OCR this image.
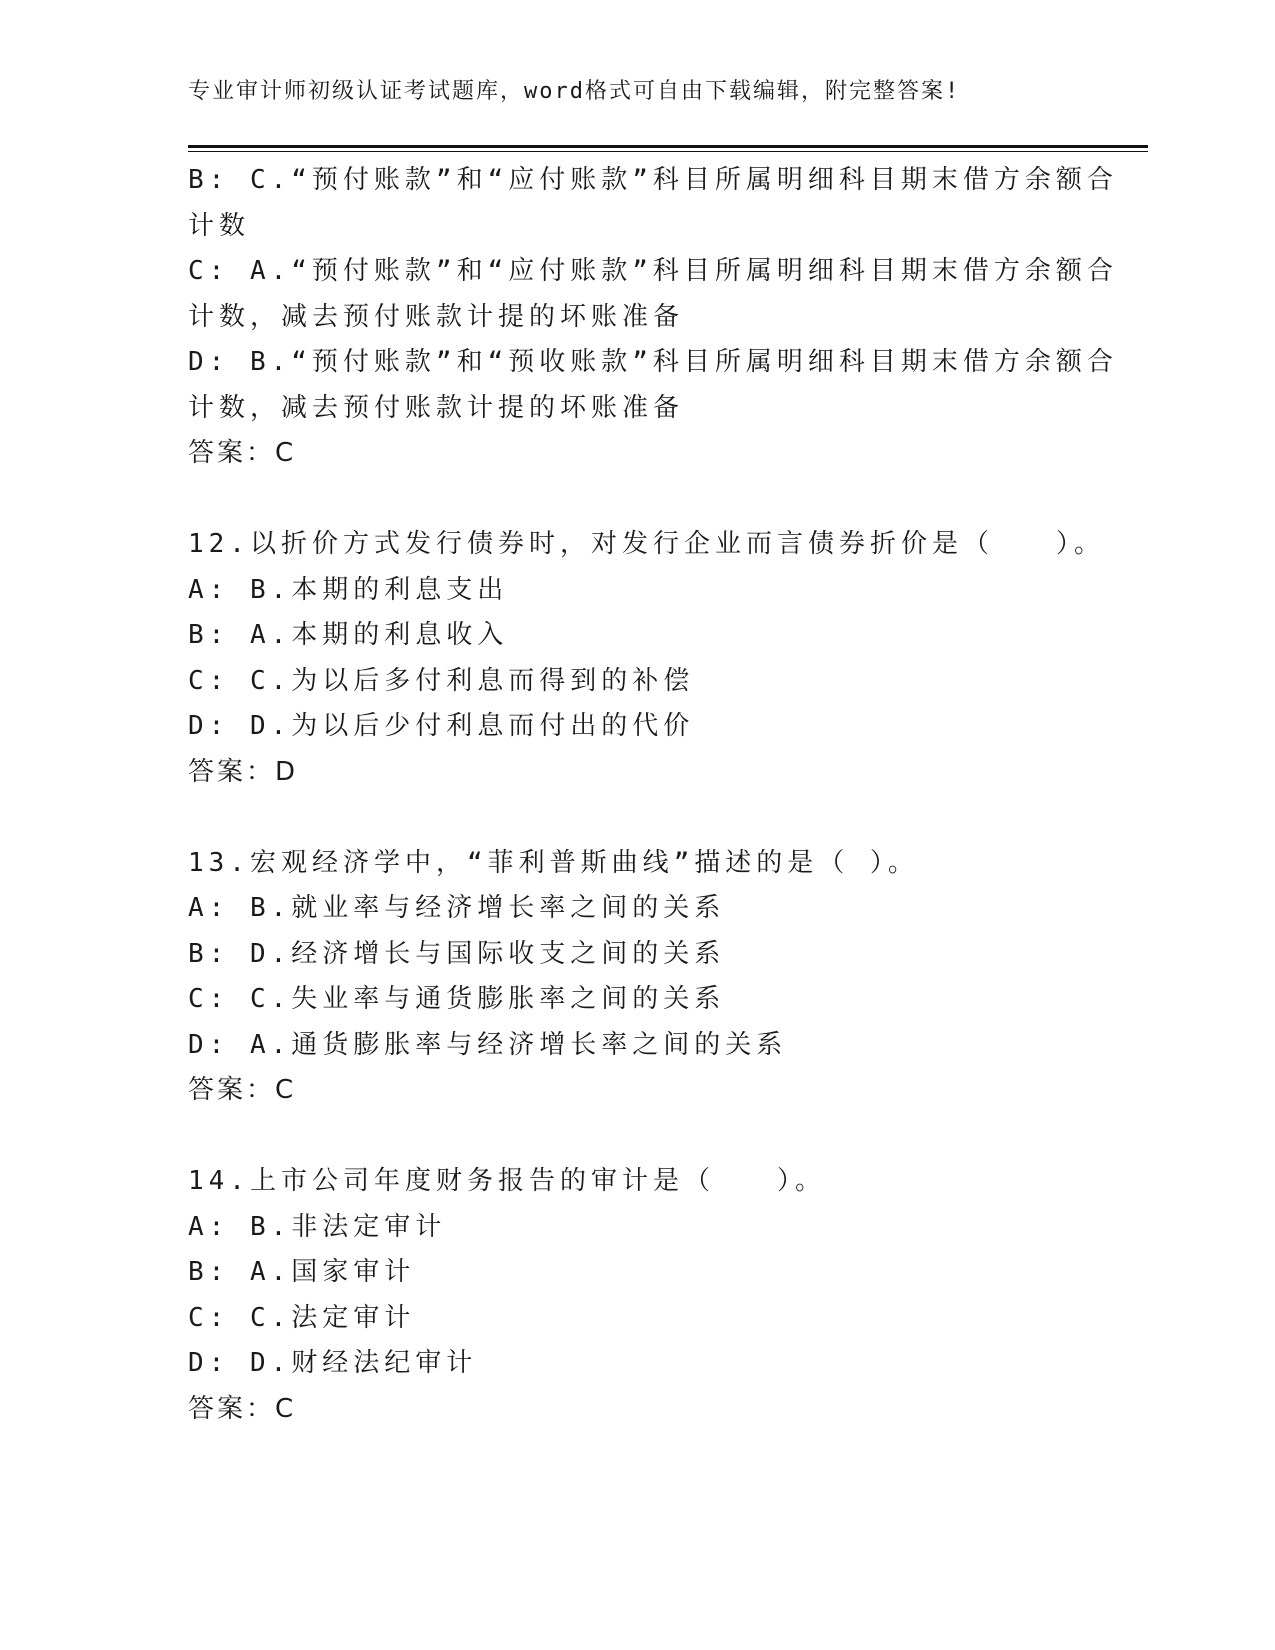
专业审计师初级认证考试题库，word格式可自由下载编辑，附完整答案!
B: C.“预付账款”和“应付账款”科目所属明细科目期末借方余额合
计数
C: A.“预付账款”和“应付账款”科目所属明细科目期末借方余额合
计数，减去预付账款计提的坏账准备
D: B.“预付账款”和“预收账款”科目所属明细科目期末借方余额合
计数，减去预付账款计提的坏账准备
答案：C
12.以折价方式发行债券时，对发行企业而言债券折价是（　　）。
A: B.本期的利息支出
B: A.本期的利息收入
C: C.为以后多付利息而得到的补偿
D: D.为以后少付利息而付出的代价
答案：D
13.宏观经济学中，“菲利普斯曲线”描述的是（ ）。
A: B.就业率与经济增长率之间的关系
B: D.经济增长与国际收支之间的关系
C: C.失业率与通货膨胀率之间的关系
D: A.通货膨胀率与经济增长率之间的关系
答案：C
14.上市公司年度财务报告的审计是（　　）。
A: B.非法定审计
B: A.国家审计
C: C.法定审计
D: D.财经法纪审计
答案：C
